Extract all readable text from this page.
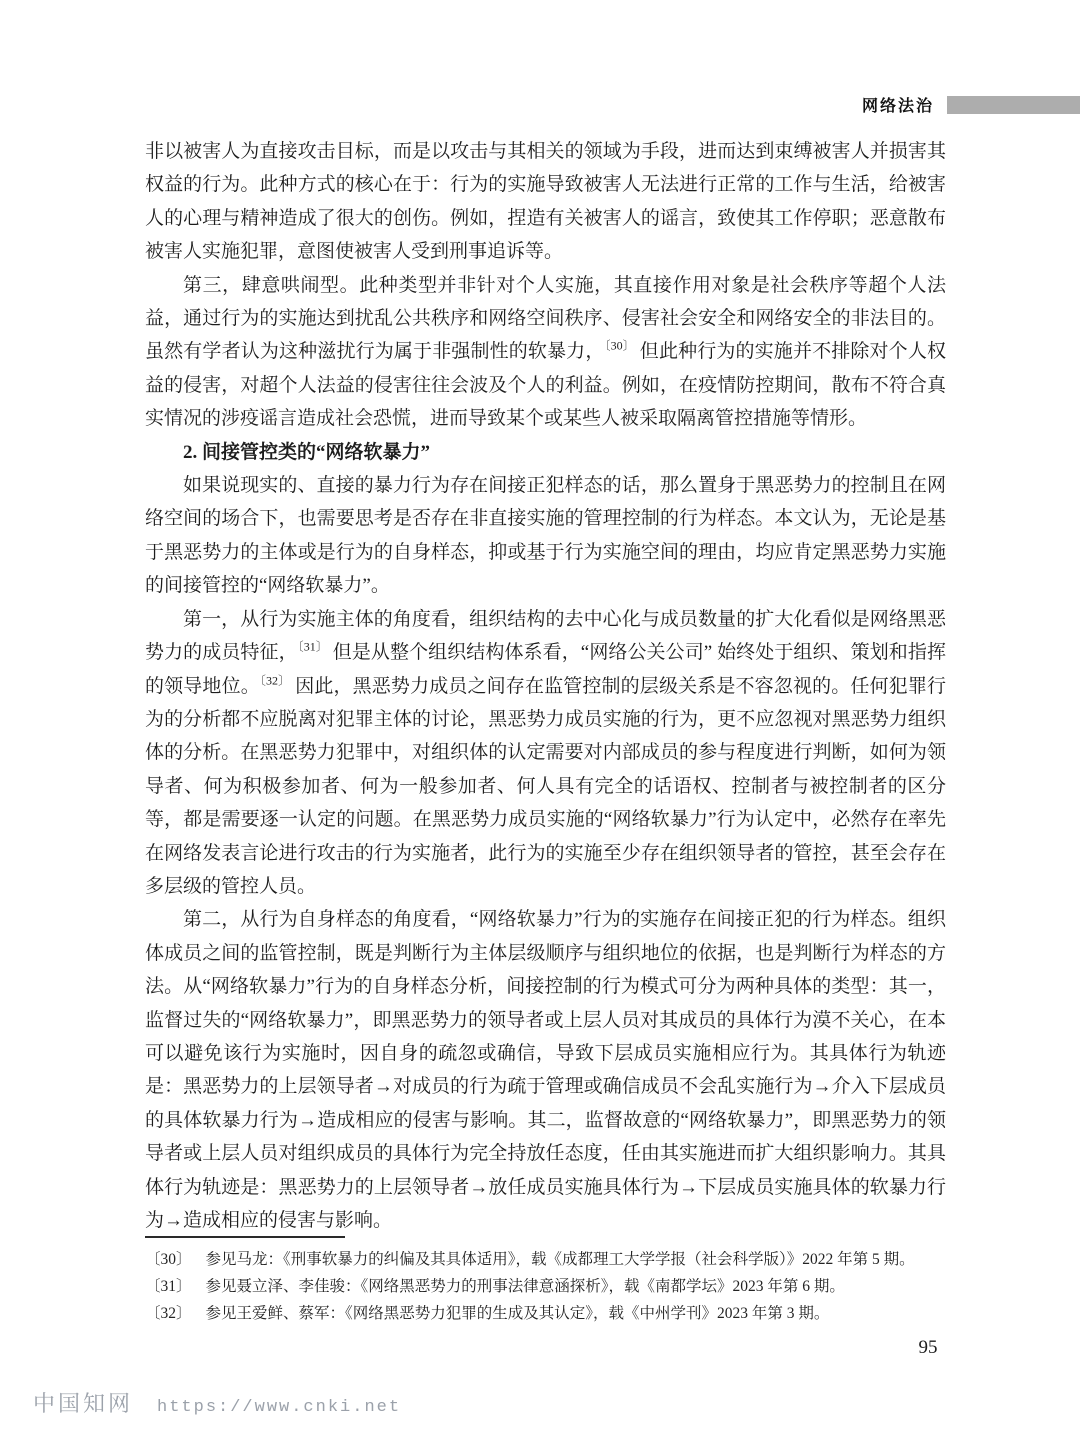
网络法治

非以被害人为直接攻击目标，而是以攻击与其相关的领域为手段，进而达到束缚被害人并损害其权益的行为。此种方式的核心在于：行为的实施导致被害人无法进行正常的工作与生活，给被害人的心理与精神造成了很大的创伤。例如，捏造有关被害人的谣言，致使其工作停职；恶意散布被害人实施犯罪，意图使被害人受到刑事追诉等。

第三，肆意哄闹型。此种类型并非针对个人实施，其直接作用对象是社会秩序等超个人法益，通过行为的实施达到扰乱公共秩序和网络空间秩序、侵害社会安全和网络安全的非法目的。虽然有学者认为这种滋扰行为属于非强制性的软暴力，$^{〔30〕}$ 但此种行为的实施并不排除对个人权益的侵害，对超个人法益的侵害往往会波及个人的利益。例如，在疫情防控期间，散布不符合真实情况的涉疫谣言造成社会恐慌，进而导致某个或某些人被采取隔离管控措施等情形。

2. 间接管控类的“网络软暴力”

如果说现实的、直接的暴力行为存在间接正犯样态的话，那么置身于黑恶势力的控制且在网络空间的场合下，也需要思考是否存在非直接实施的管理控制的行为样态。本文认为，无论是基于黑恶势力的主体或是行为的自身样态，抑或基于行为实施空间的理由，均应肯定黑恶势力实施的间接管控的“网络软暴力”。

第一，从行为实施主体的角度看，组织结构的去中心化与成员数量的扩大化看似是网络黑恶势力的成员特征，$^{〔31〕}$ 但是从整个组织结构体系看，“网络公关公司” 始终处于组织、策划和指挥的领导地位。$^{〔32〕}$ 因此，黑恶势力成员之间存在监管控制的层级关系是不容忽视的。任何犯罪行为的分析都不应脱离对犯罪主体的讨论，黑恶势力成员实施的行为，更不应忽视对黑恶势力组织体的分析。在黑恶势力犯罪中，对组织体的认定需要对内部成员的参与程度进行判断，如何为领导者、何为积极参加者、何为一般参加者、何人具有完全的话语权、控制者与被控制者的区分等，都是需要逐一认定的问题。在黑恶势力成员实施的“网络软暴力”行为认定中，必然存在率先在网络发表言论进行攻击的行为实施者，此行为的实施至少存在组织领导者的管控，甚至会存在多层级的管控人员。

第二，从行为自身样态的角度看，“网络软暴力”行为的实施存在间接正犯的行为样态。组织体成员之间的监管控制，既是判断行为主体层级顺序与组织地位的依据，也是判断行为样态的方法。从“网络软暴力”行为的自身样态分析，间接控制的行为模式可分为两种具体的类型：其一，监督过失的“网络软暴力”，即黑恶势力的领导者或上层人员对其成员的具体行为漠不关心，在本可以避免该行为实施时，因自身的疏忽或确信，导致下层成员实施相应行为。其具体行为轨迹是：黑恶势力的上层领导者→对成员的行为疏于管理或确信成员不会乱实施行为→介入下层成员的具体软暴力行为→造成相应的侵害与影响。其二，监督故意的“网络软暴力”，即黑恶势力的领导者或上层人员对组织成员的具体行为完全持放任态度，任由其实施进而扩大组织影响力。其具体行为轨迹是：黑恶势力的上层领导者→放任成员实施具体行为→下层成员实施具体的软暴力行为→造成相应的侵害与影响。

〔30〕 参见马龙：《刑事软暴力的纠偏及其具体适用》，载《成都理工大学学报（社会科学版）》2022 年第 5 期。
〔31〕 参见聂立泽、李佳骏：《网络黑恶势力的刑事法律意涵探析》，载《南都学坛》2023 年第 6 期。
〔32〕 参见王爱鲜、蔡军：《网络黑恶势力犯罪的生成及其认定》，载《中州学刊》2023 年第 3 期。
95
中国知网 https://www.cnki.net
